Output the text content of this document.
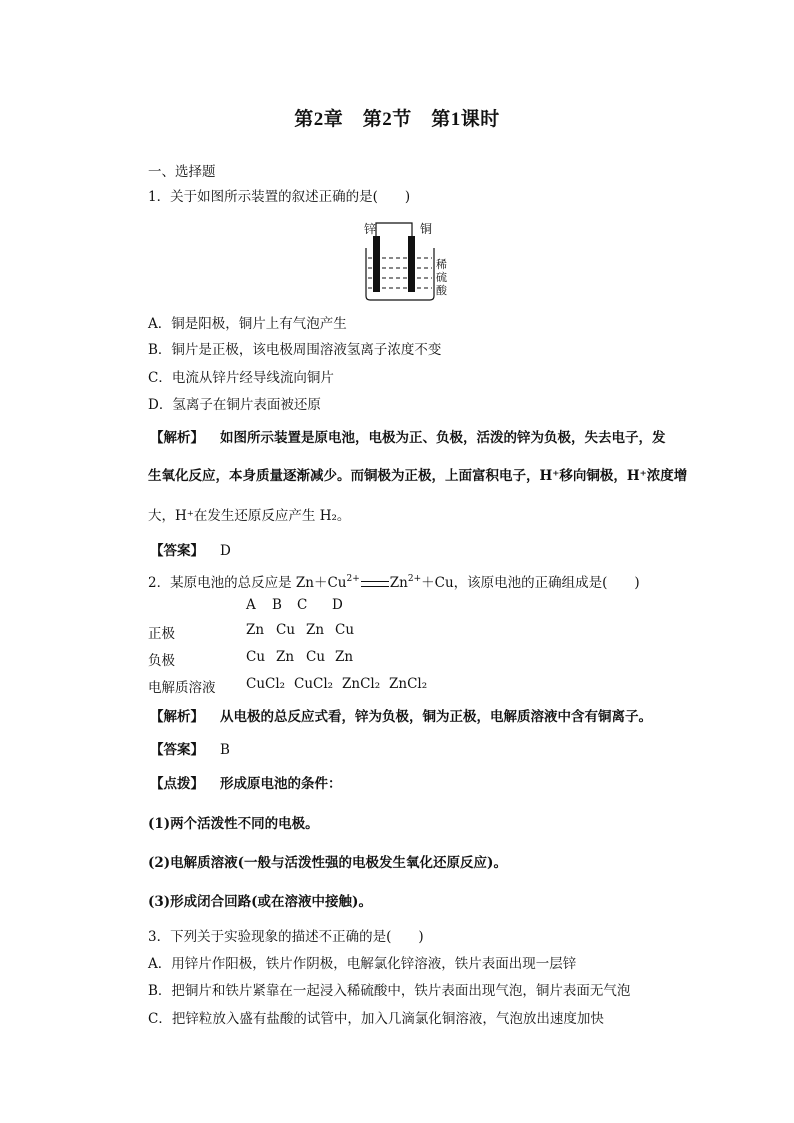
第2章　第2节　第1课时
一、选择题
1．关于如图所示装置的叙述正确的是(　　)
锌	铜
稀
硫
酸
A．铜是阳极，铜片上有气泡产生
B．铜片是正极，该电极周围溶液氢离子浓度不变
C．电流从锌片经导线流向铜片
D．氢离子在铜片表面被还原
【解析】 如图所示装置是原电池，电极为正、负极，活泼的锌为负极，失去电子，发
生氧化反应，本身质量逐渐减少。而铜极为正极，上面富积电子，H⁺移向铜极，H⁺浓度增
大，H⁺在发生还原反应产生 H₂。
【答案】 D
2．某原电池的总反应是 $Zn+Cu^{2+}$ $Zn^{2+}+Cu$，该原电池的正确组成是(　　)
A B C D
正极	Zn Cu Zn Cu
负极	Cu Zn Cu Zn
电解质溶液 CuCl₂ CuCl₂ ZnCl₂ ZnCl₂
【解析】 从电极的总反应式看，锌为负极，铜为正极，电解质溶液中含有铜离子。
【答案】 B
【点拨】 形成原电池的条件：
(1)两个活泼性不同的电极。
(2)电解质溶液(一般与活泼性强的电极发生氧化还原反应)。
(3)形成闭合回路(或在溶液中接触)。
3．下列关于实验现象的描述不正确的是(　　)
A．用锌片作阳极，铁片作阴极，电解氯化锌溶液，铁片表面出现一层锌
B．把铜片和铁片紧靠在一起浸入稀硫酸中，铁片表面出现气泡，铜片表面无气泡
C．把锌粒放入盛有盐酸的试管中，加入几滴氯化铜溶液，气泡放出速度加快
